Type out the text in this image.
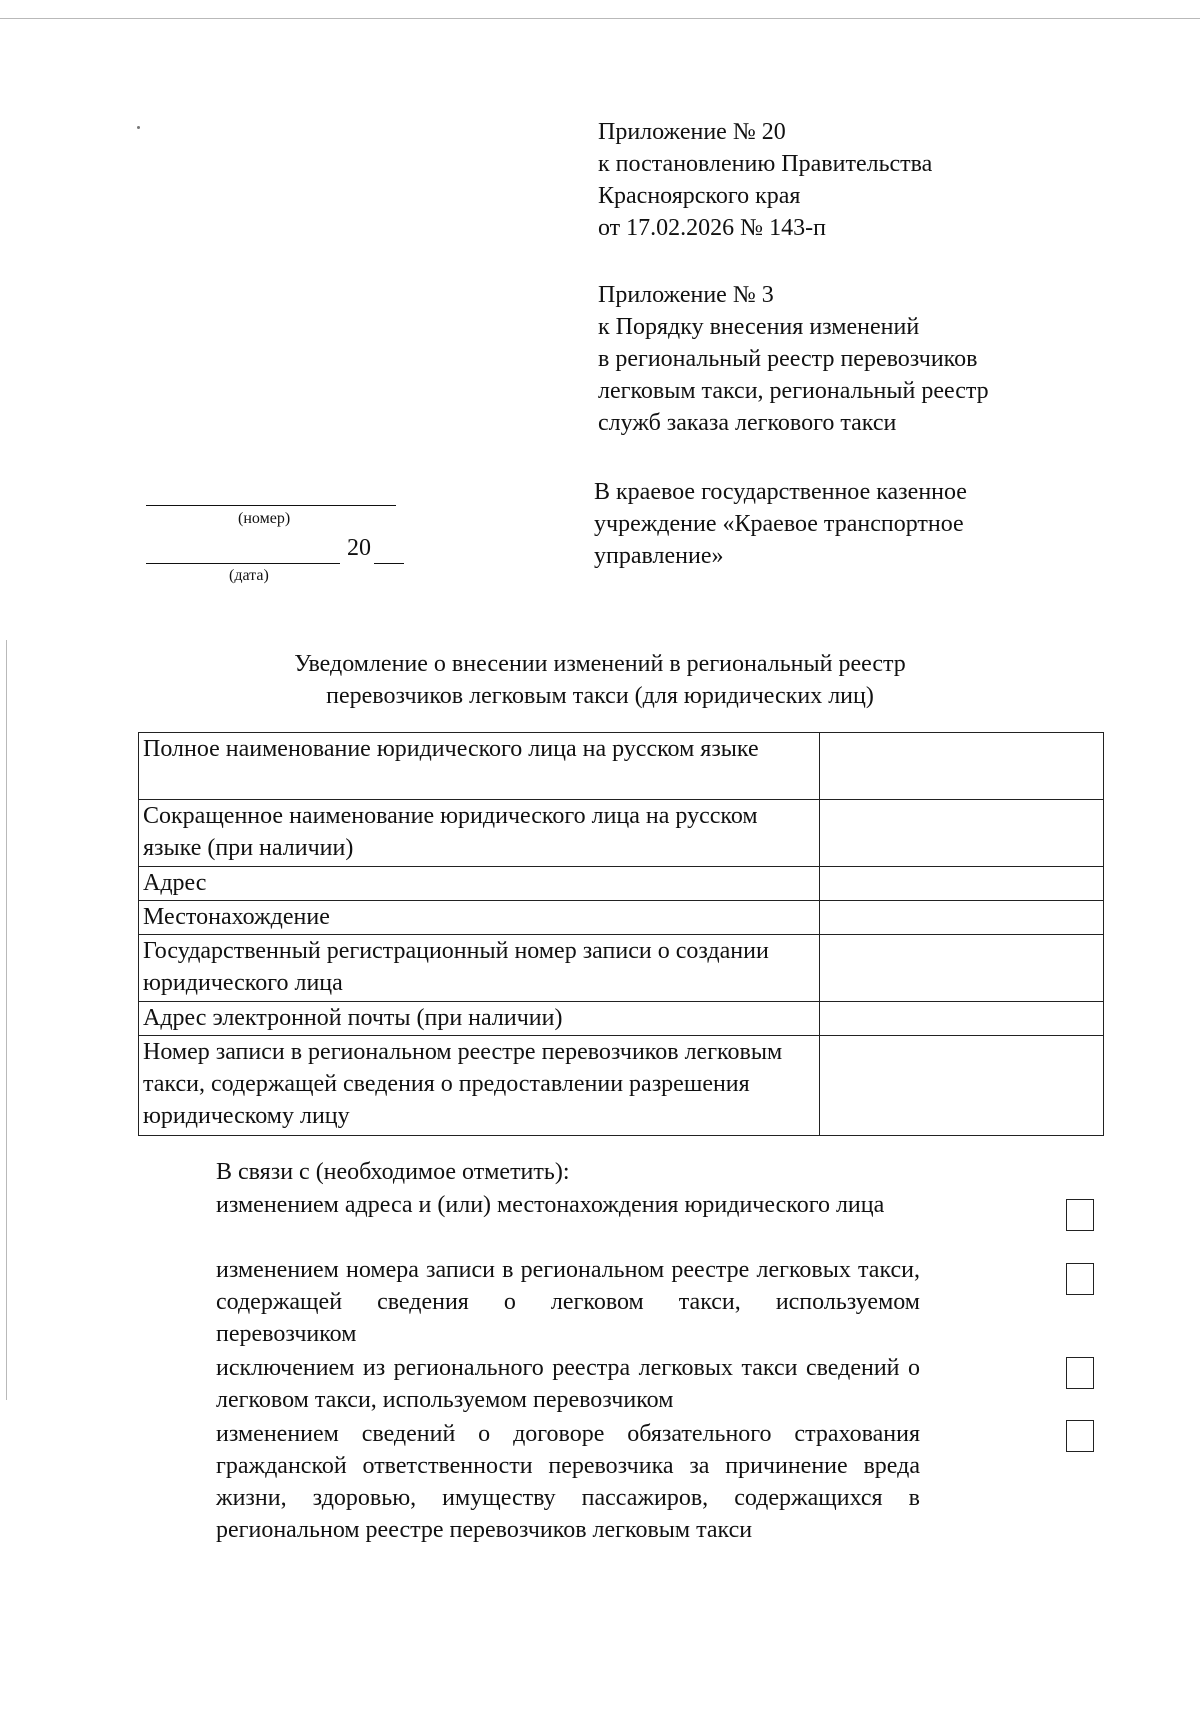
Приложение № 20
к постановлению Правительства
Красноярского края
от 17.02.2026 № 143-п
Приложение № 3
к Порядку внесения изменений
в региональный реестр перевозчиков
легковым такси, региональный реестр
служб заказа легкового такси
В краевое государственное казенное
учреждение «Краевое транспортное
управление»
(номер)
20
(дата)
Уведомление о внесении изменений в региональный реестр
перевозчиков легковым такси (для юридических лиц)
Полное наименование юридического лица на русском языке	
Сокращенное наименование юридического лица на русском языке (при наличии)	
Адрес	
Местонахождение	
Государственный регистрационный номер записи о создании юридического лица	
Адрес электронной почты (при наличии)	
Номер записи в региональном реестре перевозчиков легковым такси, содержащей сведения о предоставлении разрешения юридическому лицу	
В связи с (необходимое отметить):
изменением адреса и (или) местонахождения юридического лица
изменением номера записи в региональном реестре легковых такси, содержащей сведения о легковом такси, используемом перевозчиком
исключением из регионального реестра легковых такси сведений о легковом такси, используемом перевозчиком
изменением сведений о договоре обязательного страхования гражданской ответственности перевозчика за причинение вреда жизни, здоровью, имуществу пассажиров, содержащихся в региональном реестре перевозчиков легковым такси
